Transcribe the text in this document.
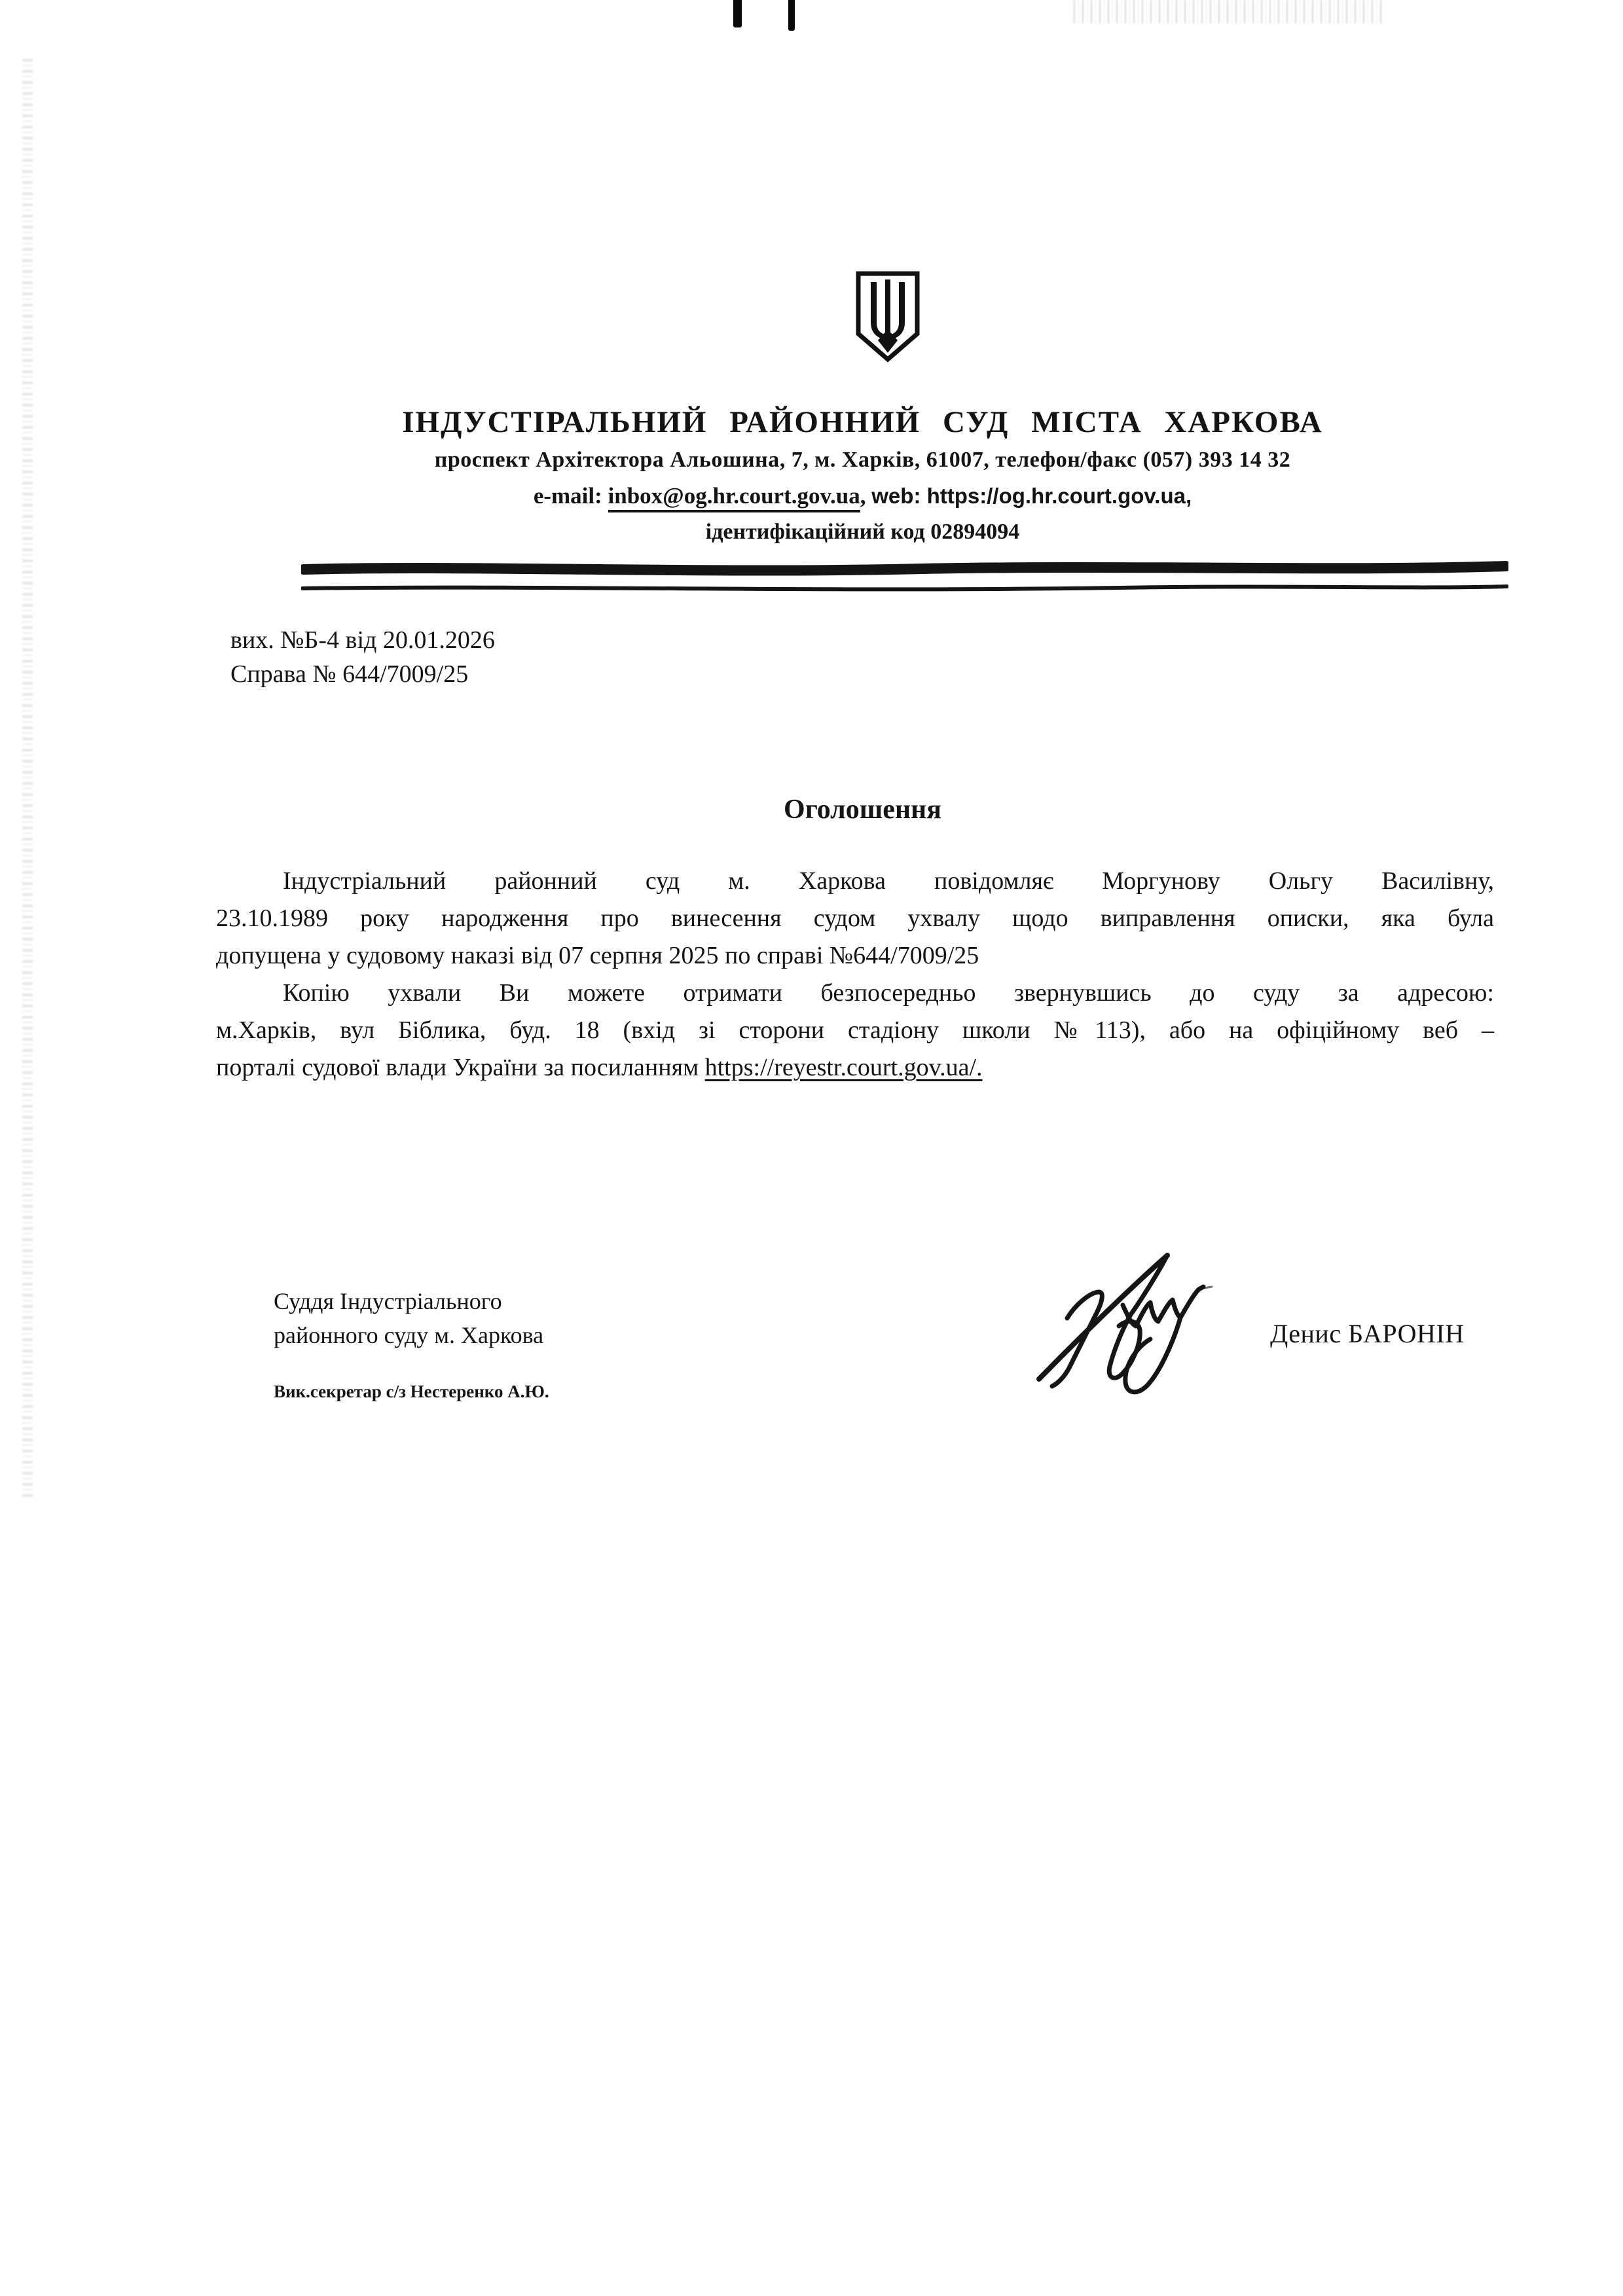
ІНДУСТІРАЛЬНИЙ РАЙОННИЙ СУД МІСТА ХАРКОВА
проспект Архітектора Альошина, 7, м. Харків, 61007, телефон/факс (057) 393 14 32
e-mail: inbox@og.hr.court.gov.ua, web: https://og.hr.court.gov.ua,
ідентифікаційний код 02894094
вих. №Б-4 від 20.01.2026
Справа № 644/7009/25
Оголошення
Індустріальний районний суд м. Харкова повідомляє Моргунову Ольгу Василівну,
23.10.1989 року народження про винесення судом ухвалу щодо виправлення описки, яка була
допущена у судовому наказі від 07 серпня 2025 по справі №644/7009/25
Копію ухвали Ви можете отримати безпосередньо звернувшись до суду за адресою:
м.Харків, вул Біблика, буд. 18 (вхід зі сторони стадіону школи №113), або на офіційному веб –
порталі судової влади України за посиланням https://reyestr.court.gov.ua/.
Суддя Індустріального
районного суду м. Харкова	Денис БАРОНІН
Вик.секретар с/з Нестеренко А.Ю.
